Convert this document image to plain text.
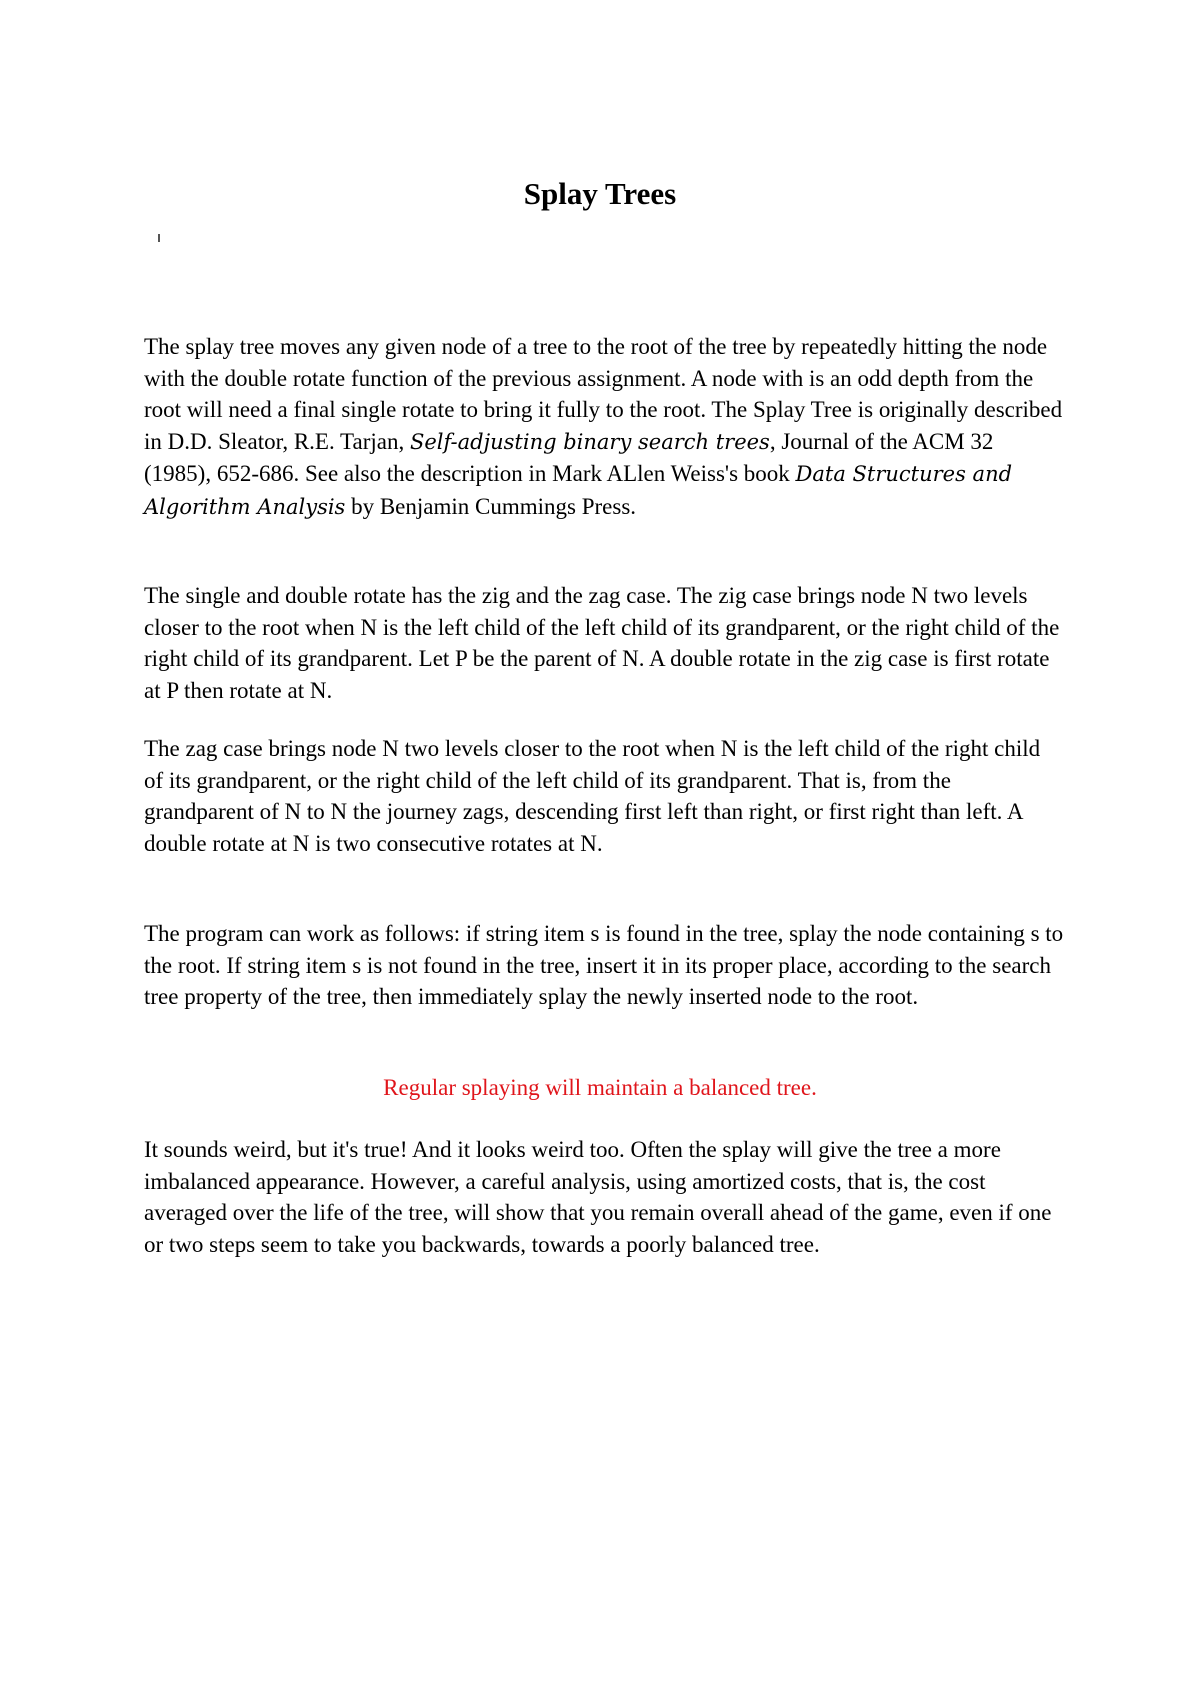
Splay Trees

The splay tree moves any given node of a tree to the root of the tree by repeatedly hitting the node with the double rotate function of the previous assignment. A node with is an odd depth from the root will need a final single rotate to bring it fully to the root. The Splay Tree is originally described in D.D. Sleator, R.E. Tarjan, Self-adjusting binary search trees, Journal of the ACM 32 (1985), 652-686. See also the description in Mark ALlen Weiss's book Data Structures and Algorithm Analysis by Benjamin Cummings Press.

The single and double rotate has the zig and the zag case. The zig case brings node N two levels closer to the root when N is the left child of the left child of its grandparent, or the right child of the right child of its grandparent. Let P be the parent of N. A double rotate in the zig case is first rotate at P then rotate at N.

The zag case brings node N two levels closer to the root when N is the left child of the right child of its grandparent, or the right child of the left child of its grandparent. That is, from the grandparent of N to N the journey zags, descending first left than right, or first right than left. A double rotate at N is two consecutive rotates at N.

The program can work as follows: if string item s is found in the tree, splay the node containing s to the root. If string item s is not found in the tree, insert it in its proper place, according to the search tree property of the tree, then immediately splay the newly inserted node to the root.

Regular splaying will maintain a balanced tree.

It sounds weird, but it's true! And it looks weird too. Often the splay will give the tree a more imbalanced appearance. However, a careful analysis, using amortized costs, that is, the cost averaged over the life of the tree, will show that you remain overall ahead of the game, even if one or two steps seem to take you backwards, towards a poorly balanced tree.
